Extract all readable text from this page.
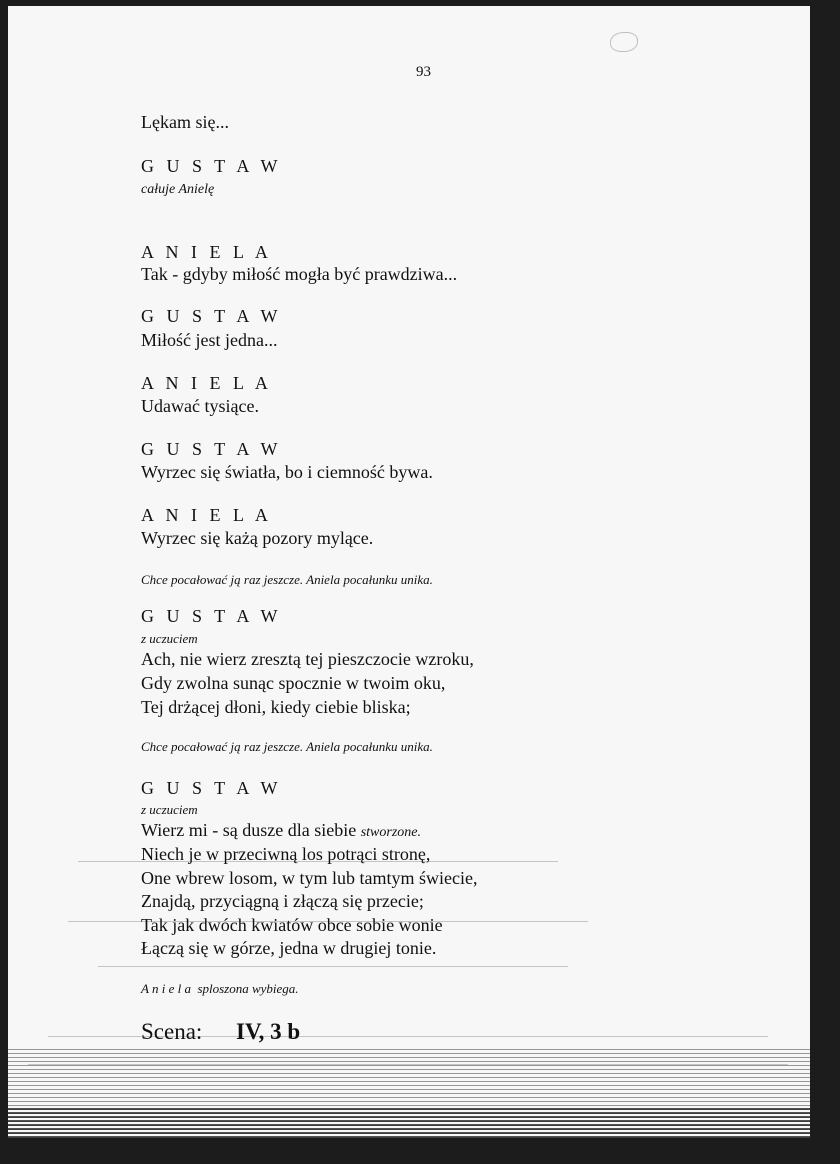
93
Lękam się...
G U S T A W
całuje Anielę
A N I E L A
Tak - gdyby miłość mogła być prawdziwa...
G U S T A W
Miłość jest jedna...
A N I E L A
Udawać tysiące.
G U S T A W
Wyrzec się światła, bo i ciemność bywa.
A N I E L A
Wyrzec się każą pozory mylące.
Chce pocałować ją raz jeszcze. Aniela pocałunku unika.
G U S T A W
z uczuciem
Ach, nie wierz zresztą tej pieszczocie wzroku,
Gdy zwolna sunąc spocznie w twoim oku,
Tej drżącej dłoni, kiedy ciebie bliska;
Chce pocałować ją raz jeszcze. Aniela pocałunku unika.
G U S T A W
z uczuciem
Wierz mi - są dusze dla siebie stworzone.
Niech je w przeciwną los potrąci stronę,
One wbrew losom, w tym lub tamtym świecie,
Znajdą, przyciągną i złączą się przecie;
Tak jak dwóch kwiatów obce sobie wonie
Łączą się w górze, jedna w drugiej tonie.
A n i e l a  sploszona wybiega.
Scena: IV, 3 b
